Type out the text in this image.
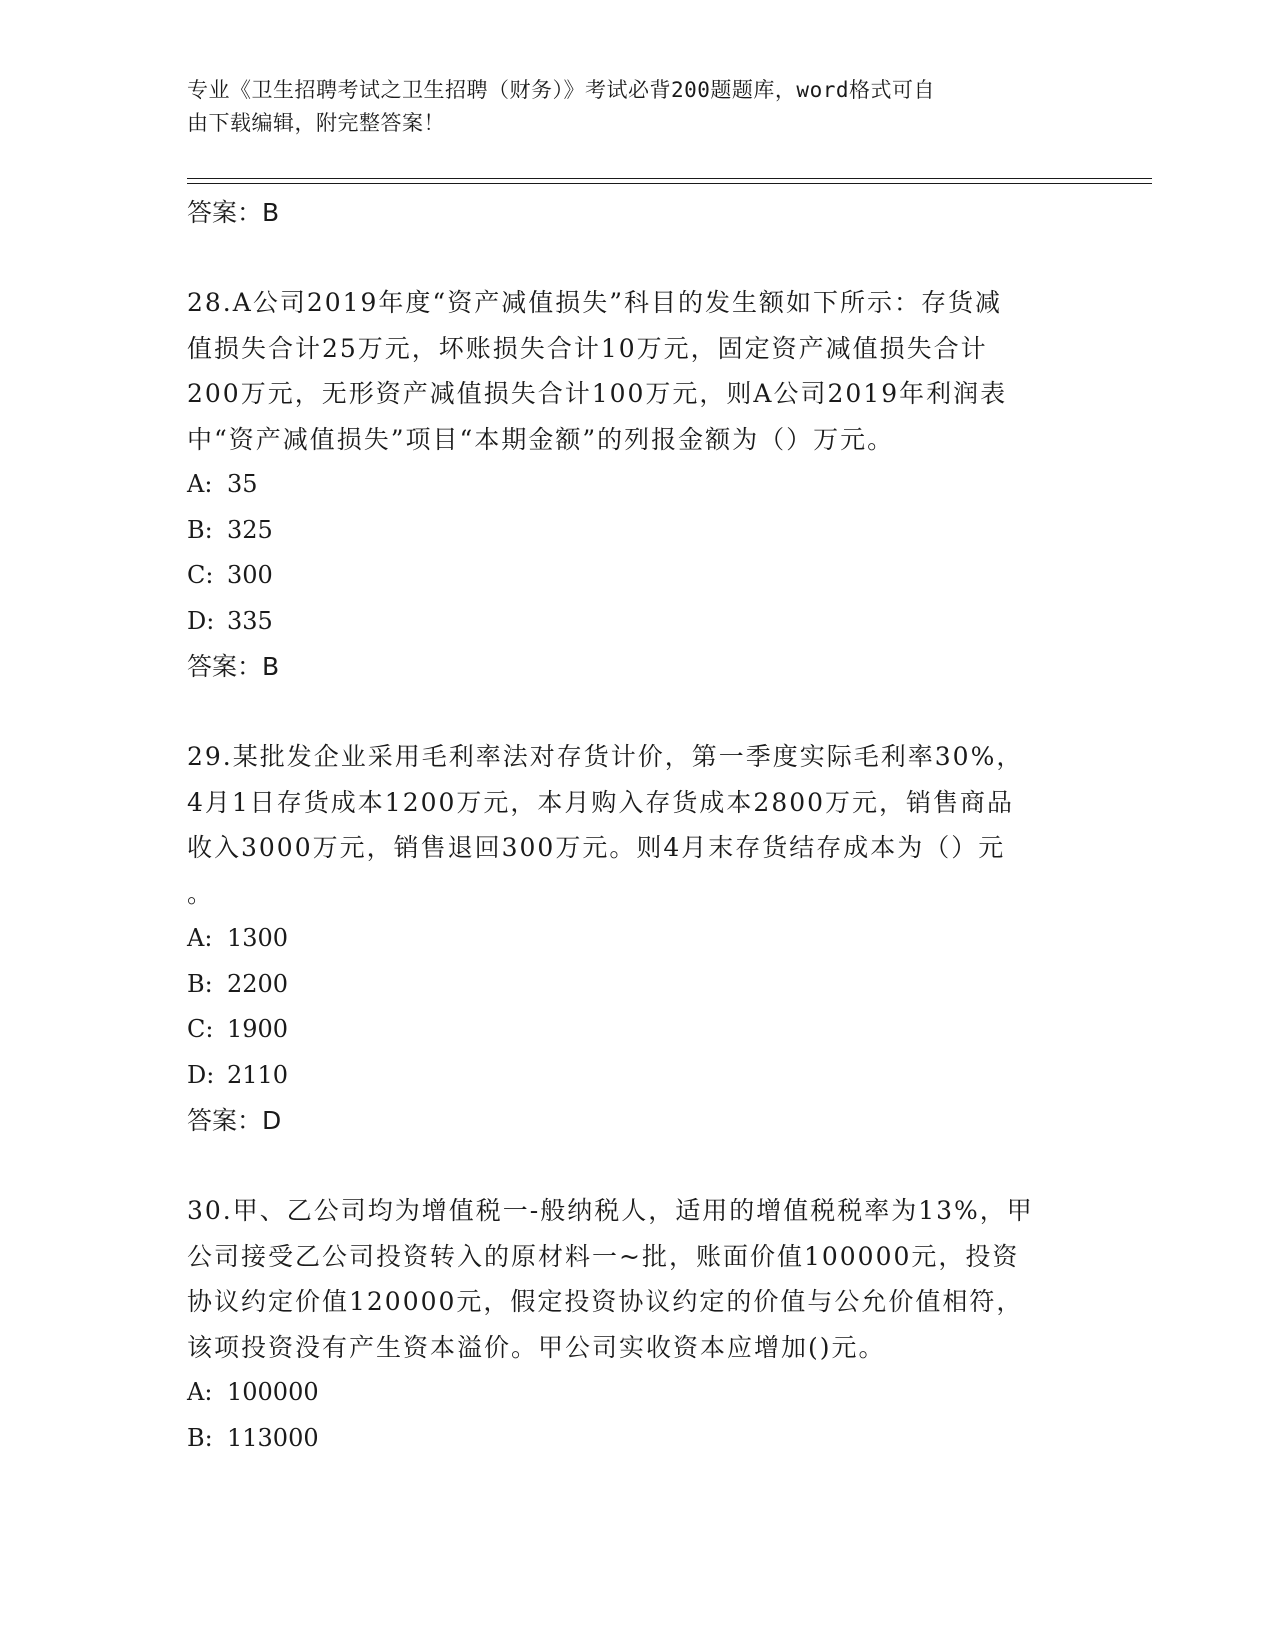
专业《卫生招聘考试之卫生招聘（财务）》考试必背200题题库，word格式可自
由下载编辑，附完整答案！

答案：B

28.A公司2019年度“资产减值损失”科目的发生额如下所示：存货减
值损失合计25万元，坏账损失合计10万元，固定资产减值损失合计
200万元，无形资产减值损失合计100万元，则A公司2019年利润表
中“资产减值损失”项目“本期金额”的列报金额为（）万元。

A: 35

B: 325

C: 300

D: 335

答案：B

29.某批发企业采用毛利率法对存货计价，第一季度实际毛利率30%，
4月1日存货成本1200万元，本月购入存货成本2800万元，销售商品
收入3000万元，销售退回300万元。则4月末存货结存成本为（）元
。

A: 1300

B: 2200

C: 1900

D: 2110

答案：D

30.甲、乙公司均为增值税一-般纳税人，适用的增值税税率为13%，甲
公司接受乙公司投资转入的原材料一~批，账面价值100000元，投资
协议约定价值120000元，假定投资协议约定的价值与公允价值相符，
该项投资没有产生资本溢价。甲公司实收资本应增加()元。

A: 100000

B: 113000
